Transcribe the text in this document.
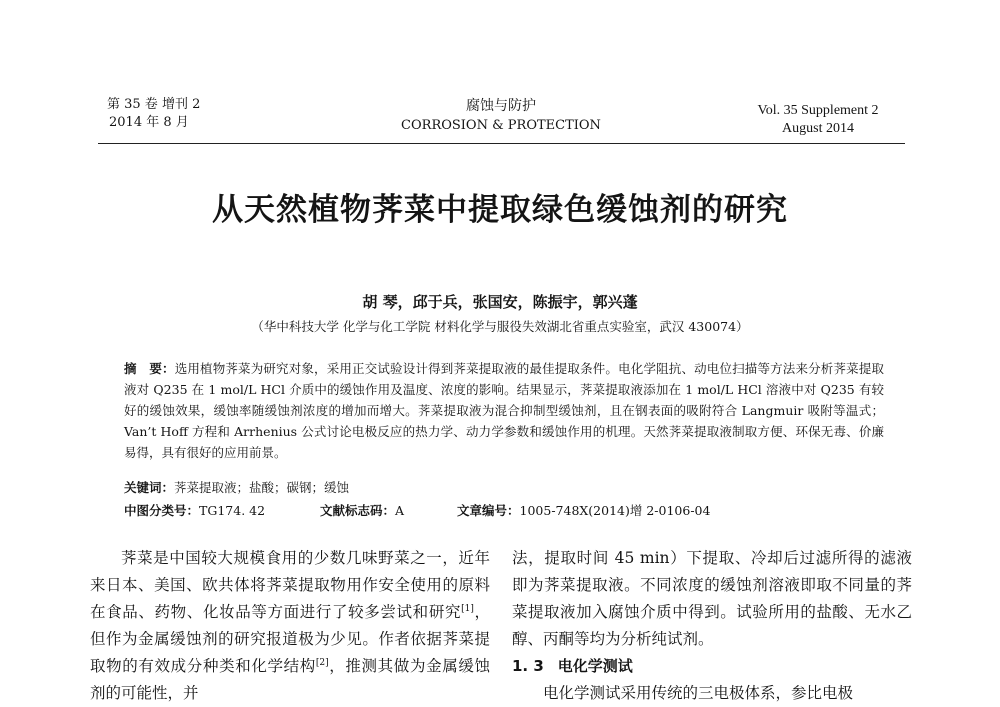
第 35 卷 增刊 2
2014 年 8 月
腐蚀与防护
CORROSION & PROTECTION
Vol. 35 Supplement 2
August 2014
从天然植物荠菜中提取绿色缓蚀剂的研究
胡 琴，邱于兵，张国安，陈振宇，郭兴蓬
（华中科技大学 化学与化工学院 材料化学与服役失效湖北省重点实验室，武汉 430074）
摘　要：选用植物荠菜为研究对象，采用正交试验设计得到荠菜提取液的最佳提取条件。电化学阻抗、动电位扫描等方法来分析荠菜提取液对 Q235 在 1 mol/L HCl 介质中的缓蚀作用及温度、浓度的影响。结果显示，荠菜提取液添加在 1 mol/L HCl 溶液中对 Q235 有较好的缓蚀效果，缓蚀率随缓蚀剂浓度的增加而增大。荠菜提取液为混合抑制型缓蚀剂，且在钢表面的吸附符合 Langmuir 吸附等温式；Van’t Hoff 方程和 Arrhenius 公式讨论电极反应的热力学、动力学参数和缓蚀作用的机理。天然荠菜提取液制取方便、环保无毒、价廉易得，具有很好的应用前景。
关键词：荠菜提取液；盐酸；碳钢；缓蚀
中图分类号：TG174. 42	文献标志码：A	文章编号：1005-748X(2014)增 2-0106-04

荠菜是中国较大规模食用的少数几味野菜之一，近年来日本、美国、欧共体将荠菜提取物用作安全使用的原料在食品、药物、化妆品等方面进行了较多尝试和研究[1]，但作为金属缓蚀剂的研究报道极为少见。作者依据荠菜提取物的有效成分种类和化学结构[2]，推测其做为金属缓蚀剂的可能性，并

法，提取时间 45 min）下提取、冷却后过滤所得的滤液即为荠菜提取液。不同浓度的缓蚀剂溶液即取不同量的荠菜提取液加入腐蚀介质中得到。试验所用的盐酸、无水乙醇、丙酮等均为分析纯试剂。

1. 3 电化学测试

电化学测试采用传统的三电极体系，参比电极
